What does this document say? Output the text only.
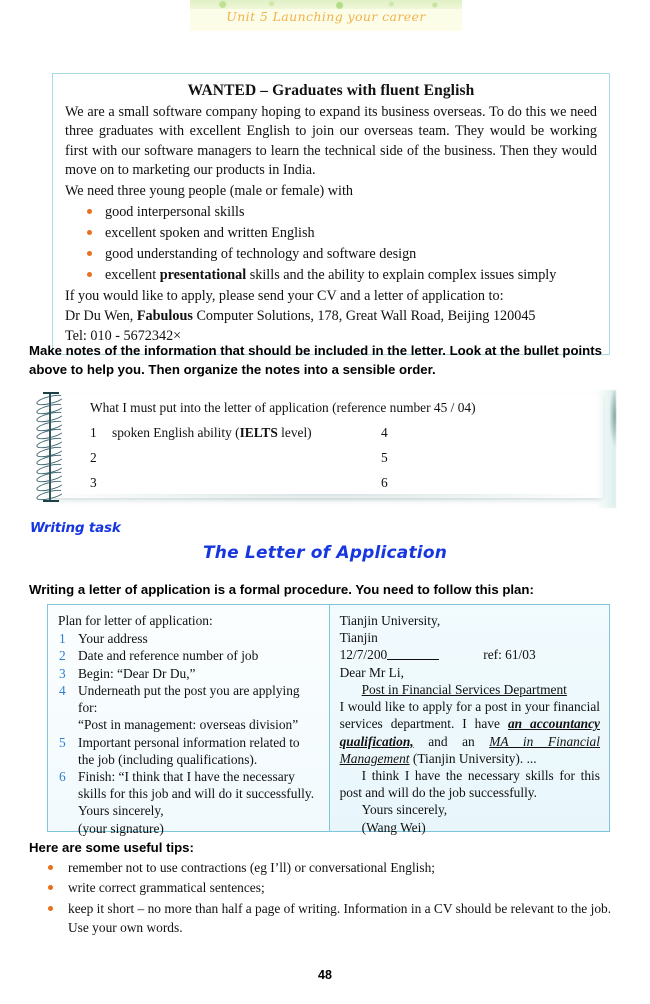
Unit 5 Launching your career
WANTED – Graduates with fluent English

We are a small software company hoping to expand its business overseas. To do this we need three graduates with excellent English to join our overseas team. They would be working first with our software managers to learn the technical side of the business. Then they would move on to marketing our products in India.

We need three young people (male or female) with

good interpersonal skills
excellent spoken and written English
good understanding of technology and software design
excellent presentational skills and the ability to explain complex issues simply

If you would like to apply, please send your CV and a letter of application to:

Dr Du Wen, Fabulous Computer Solutions, 178, Great Wall Road, Beijing 120045

Tel: 010 - 5672342×

Make notes of the information that should be included in the letter. Look at the bullet points above to help you. Then organize the notes into a sensible order.

What I must put into the letter of application (reference number 45 / 04)

1 spoken English ability (IELTS level)	4
2	5
3	6
Writing task
The Letter of Application
Writing a letter of application is a formal procedure. You need to follow this plan:

Plan for letter of application:

1 Your address

2 Date and reference number of job

3 Begin: “Dear Dr Du,”

4 Underneath put the post you are applying for:

“Post in management: overseas division”

5 Important personal information related to

the job (including qualifications).

6 Finish: “I think that I have the necessary

skills for this job and will do it successfully.

Yours sincerely,

(your signature)

Tianjin University,

Tianjin

12/7/200	ref: 61/03

Dear Mr Li,

Post in Financial Services Department

I would like to apply for a post in your financial services department. I have an accountancy qualification, and an MA in Financial Management (Tianjin University). ...

I think I have the necessary skills for this post and will do the job successfully.

Yours sincerely,

(Wang Wei)

Here are some useful tips:
remember not to use contractions (eg I’ll) or conversational English;
write correct grammatical sentences;
keep it short – no more than half a page of writing. Information in a CV should be relevant to the job. Use your own words.
48
